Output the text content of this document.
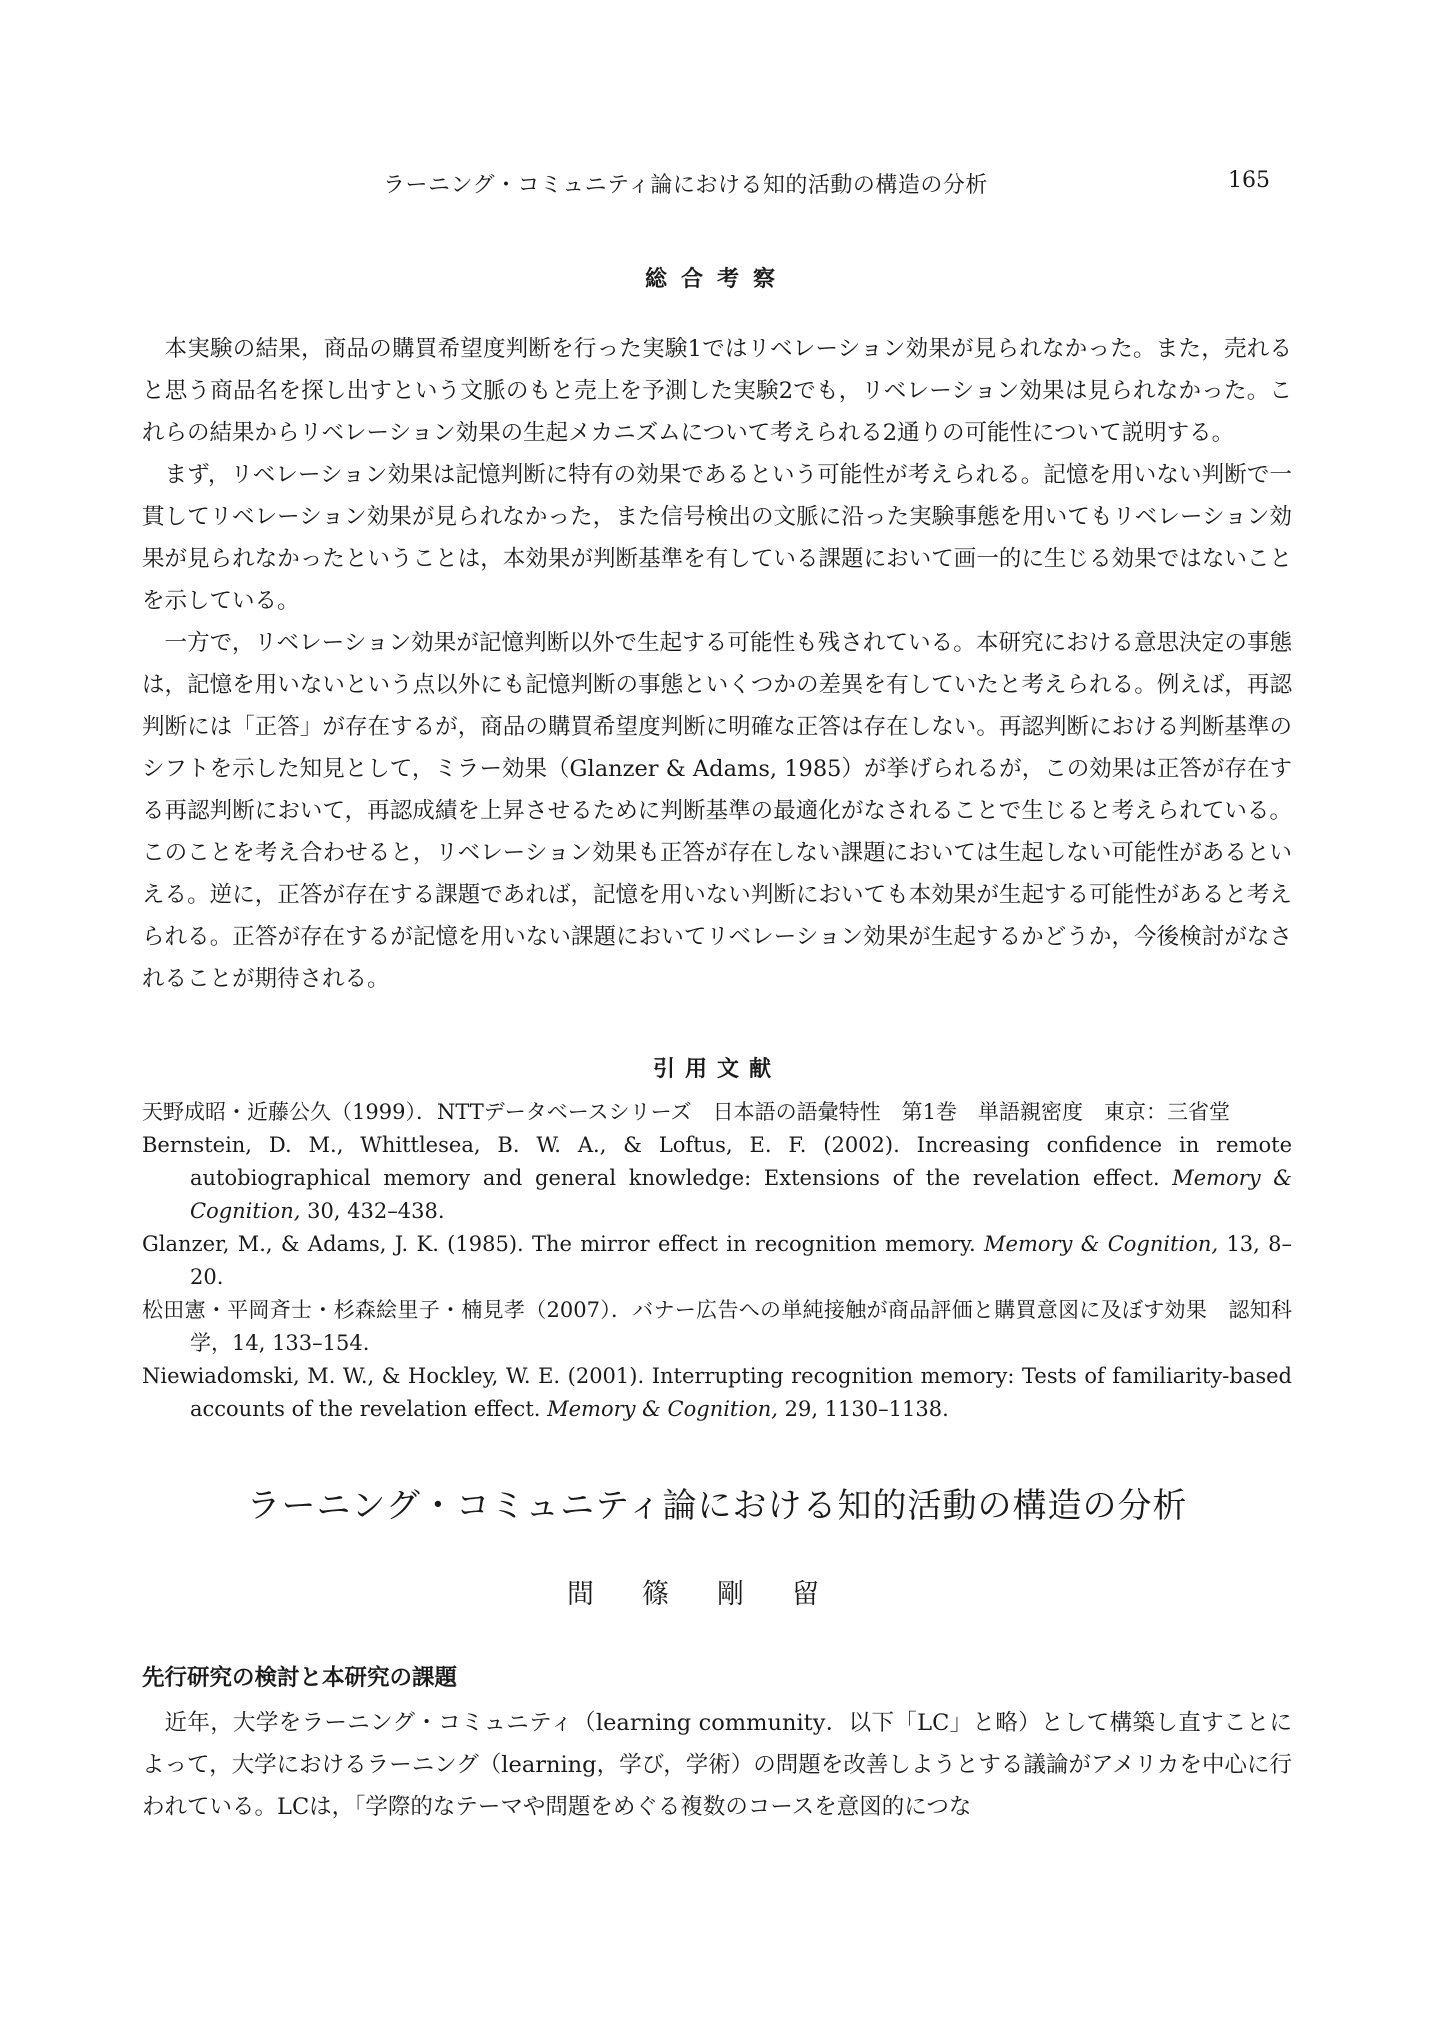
ラーニング・コミュニティ論における知的活動の構造の分析	165
総合考察

本実験の結果，商品の購買希望度判断を行った実験1ではリベレーション効果が見られなかった。また，売れると思う商品名を探し出すという文脈のもと売上を予測した実験2でも，リベレーション効果は見られなかった。これらの結果からリベレーション効果の生起メカニズムについて考えられる2通りの可能性について説明する。

まず，リベレーション効果は記憶判断に特有の効果であるという可能性が考えられる。記憶を用いない判断で一貫してリベレーション効果が見られなかった，また信号検出の文脈に沿った実験事態を用いてもリベレーション効果が見られなかったということは，本効果が判断基準を有している課題において画一的に生じる効果ではないことを示している。

一方で，リベレーション効果が記憶判断以外で生起する可能性も残されている。本研究における意思決定の事態は，記憶を用いないという点以外にも記憶判断の事態といくつかの差異を有していたと考えられる。例えば，再認判断には「正答」が存在するが，商品の購買希望度判断に明確な正答は存在しない。再認判断における判断基準のシフトを示した知見として，ミラー効果（Glanzer & Adams, 1985）が挙げられるが，この効果は正答が存在する再認判断において，再認成績を上昇させるために判断基準の最適化がなされることで生じると考えられている。このことを考え合わせると，リベレーション効果も正答が存在しない課題においては生起しない可能性があるといえる。逆に，正答が存在する課題であれば，記憶を用いない判断においても本効果が生起する可能性があると考えられる。正答が存在するが記憶を用いない課題においてリベレーション効果が生起するかどうか，今後検討がなされることが期待される。

引用文献

天野成昭・近藤公久（1999）．NTTデータベースシリーズ　日本語の語彙特性　第1巻　単語親密度　東京：三省堂

Bernstein, D. M., Whittlesea, B. W. A., & Loftus, E. F. (2002). Increasing confidence in remote autobiographical memory and general knowledge: Extensions of the revelation effect. Memory & Cognition, 30, 432–438.

Glanzer, M., & Adams, J. K. (1985). The mirror effect in recognition memory. Memory & Cognition, 13, 8–20.

松田憲・平岡斉士・杉森絵里子・楠見孝（2007）．バナー広告への単純接触が商品評価と購買意図に及ぼす効果　認知科学，14, 133–154.

Niewiadomski, M. W., & Hockley, W. E. (2001). Interrupting recognition memory: Tests of familiarity-based accounts of the revelation effect. Memory & Cognition, 29, 1130–1138.

ラーニング・コミュニティ論における知的活動の構造の分析
間篠剛留
先行研究の検討と本研究の課題

近年，大学をラーニング・コミュニティ（learning community．以下「LC」と略）として構築し直すことによって，大学におけるラーニング（learning，学び，学術）の問題を改善しようとする議論がアメリカを中心に行われている。LCは，「学際的なテーマや問題をめぐる複数のコースを意図的につな
